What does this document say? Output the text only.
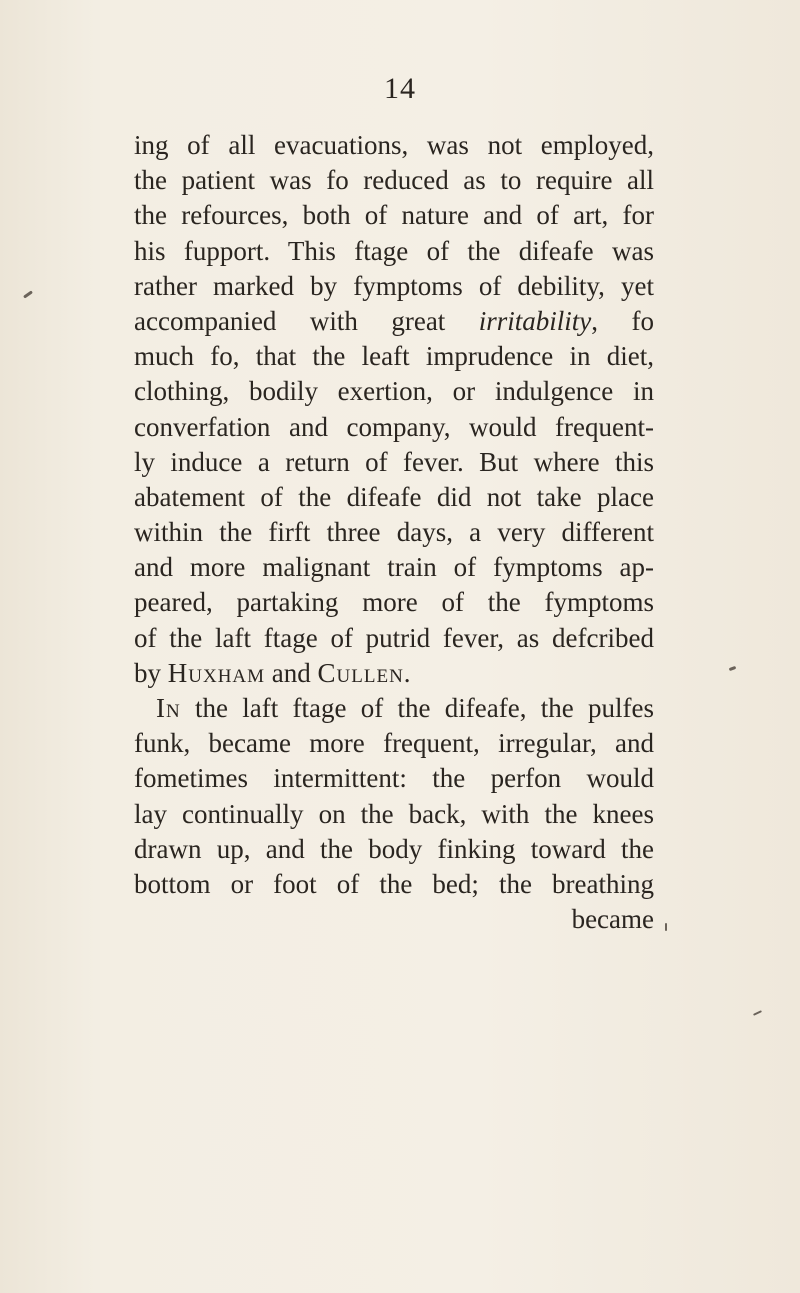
14
ing of all evacuations, was not employed,
the patient was fo reduced as to require all
the refources, both of nature and of art, for
his fupport. This ftage of the difeafe was
rather marked by fymptoms of debility, yet
accompanied with great irritability, fo
much fo, that the leaft imprudence in diet,
clothing, bodily exertion, or indulgence in
converfation and company, would frequent-
ly induce a return of fever. But where this
abatement of the difeafe did not take place
within the firft three days, a very different
and more malignant train of fymptoms ap-
peared, partaking more of the fymptoms
of the laft ftage of putrid fever, as defcribed
by Huxham and Cullen.
In the laft ftage of the difeafe, the pulfes
funk, became more frequent, irregular, and
fometimes intermittent: the perfon would
lay continually on the back, with the knees
drawn up, and the body finking toward the
bottom or foot of the bed; the breathing
became
